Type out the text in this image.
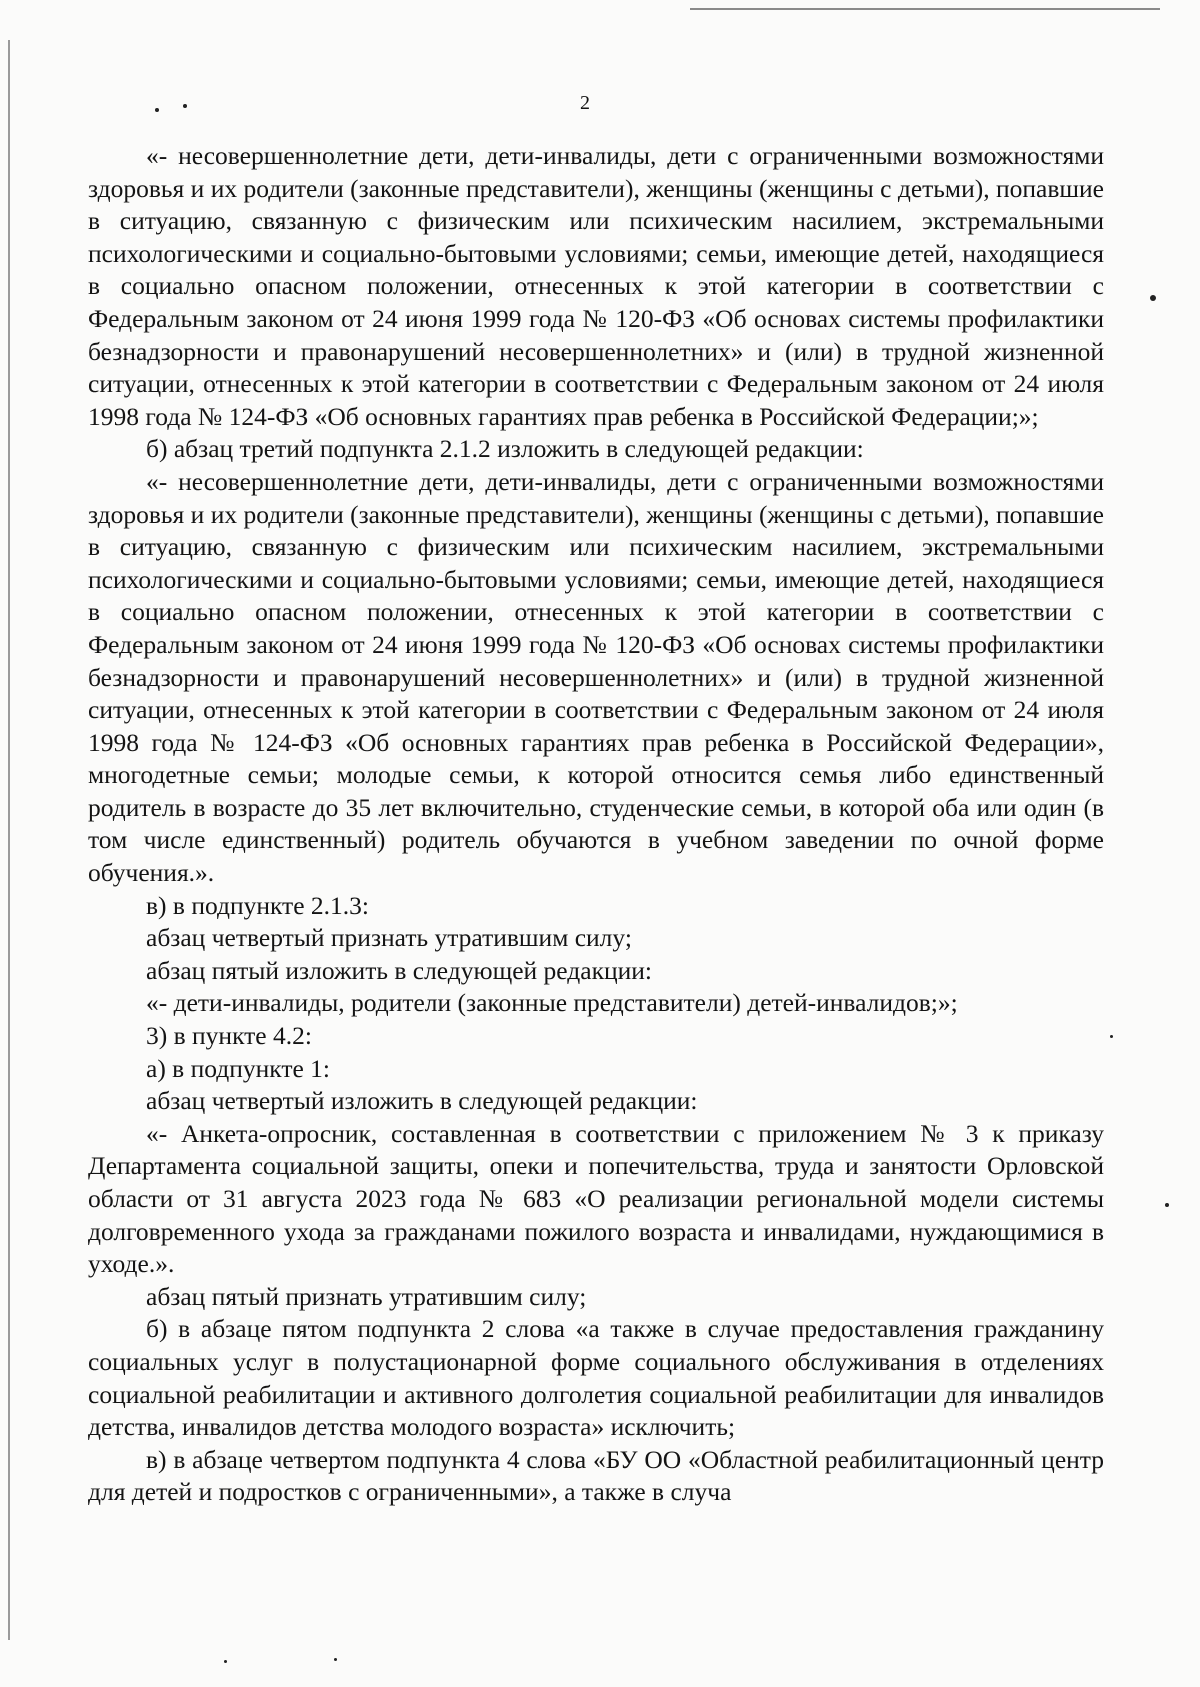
2

«- несовершеннолетние дети, дети-инвалиды, дети с ограниченными возможностями здоровья и их родители (законные представители), женщины (женщины с детьми), попавшие в ситуацию, связанную с физическим или психическим насилием, экстремальными психологическими и социально-бытовыми условиями; семьи, имеющие детей, находящиеся в социально опасном положении, отнесенных к этой категории в соответствии с Федеральным законом от 24 июня 1999 года № 120-ФЗ «Об основах системы профилактики безнадзорности и правонарушений несовершеннолетних» и (или) в трудной жизненной ситуации, отнесенных к этой категории в соответствии с Федеральным законом от 24 июля 1998 года № 124-ФЗ «Об основных гарантиях прав ребенка в Российской Федерации;»;

б) абзац третий подпункта 2.1.2 изложить в следующей редакции:

«- несовершеннолетние дети, дети-инвалиды, дети с ограниченными возможностями здоровья и их родители (законные представители), женщины (женщины с детьми), попавшие в ситуацию, связанную с физическим или психическим насилием, экстремальными психологическими и социально-бытовыми условиями; семьи, имеющие детей, находящиеся в социально опасном положении, отнесенных к этой категории в соответствии с Федеральным законом от 24 июня 1999 года № 120-ФЗ «Об основах системы профилактики безнадзорности и правонарушений несовершеннолетних» и (или) в трудной жизненной ситуации, отнесенных к этой категории в соответствии с Федеральным законом от 24 июля 1998 года № 124-ФЗ «Об основных гарантиях прав ребенка в Российской Федерации», многодетные семьи; молодые семьи, к которой относится семья либо единственный родитель в возрасте до 35 лет включительно, студенческие семьи, в которой оба или один (в том числе единственный) родитель обучаются в учебном заведении по очной форме обучения.».

в) в подпункте 2.1.3:

абзац четвертый признать утратившим силу;

абзац пятый изложить в следующей редакции:

«- дети-инвалиды, родители (законные представители) детей-инвалидов;»;

3) в пункте 4.2:

а) в подпункте 1:

абзац четвертый изложить в следующей редакции:

«- Анкета-опросник, составленная в соответствии с приложением № 3 к приказу Департамента социальной защиты, опеки и попечительства, труда и занятости Орловской области от 31 августа 2023 года № 683 «О реализации региональной модели системы долговременного ухода за гражданами пожилого возраста и инвалидами, нуждающимися в уходе.».

абзац пятый признать утратившим силу;

б) в абзаце пятом подпункта 2 слова «а также в случае предоставления гражданину социальных услуг в полустационарной форме социального обслуживания в отделениях социальной реабилитации и активного долголетия социальной реабилитации для инвалидов детства, инвалидов детства молодого возраста» исключить;

в) в абзаце четвертом подпункта 4 слова «БУ ОО «Областной реабилитационный центр для детей и подростков с ограниченными», а также в случа
